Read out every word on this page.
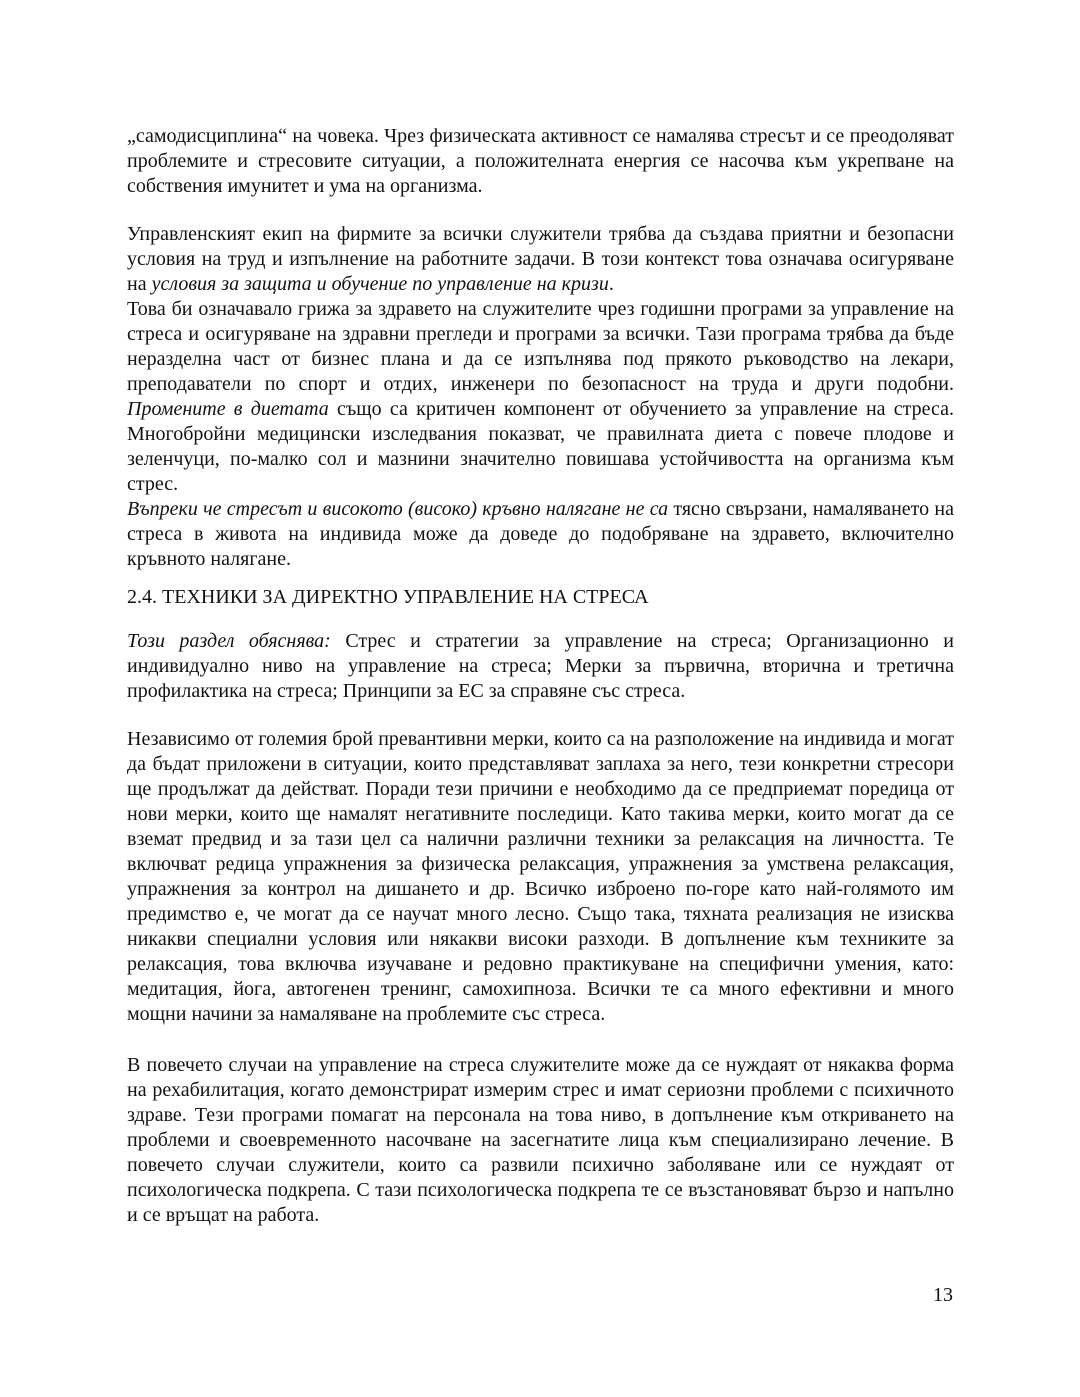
„самодисциплина“ на човека. Чрез физическата активност се намалява стресът и се преодоляват проблемите и стресовите ситуации, а положителната енергия се насочва към укрепване на собствения имунитет и ума на организма.

Управленският екип на фирмите за всички служители трябва да създава приятни и безопасни условия на труд и изпълнение на работните задачи. В този контекст това означава осигуряване на условия за защита и обучение по управление на кризи.

Това би означавало грижа за здравето на служителите чрез годишни програми за управление на стреса и осигуряване на здравни прегледи и програми за всички. Тази програма трябва да бъде неразделна част от бизнес плана и да се изпълнява под прякото ръководство на лекари, преподаватели по спорт и отдих, инженери по безопасност на труда и други подобни. Промените в диетата също са критичен компонент от обучението за управление на стреса. Многобройни медицински изследвания показват, че правилната диета с повече плодове и зеленчуци, по-малко сол и мазнини значително повишава устойчивостта на организма към стрес.

Въпреки че стресът и високото (високо) кръвно налягане не са тясно свързани, намаляването на стреса в живота на индивида може да доведе до подобряване на здравето, включително кръвното налягане.

2.4. ТЕХНИКИ ЗА ДИРЕКТНО УПРАВЛЕНИЕ НА СТРЕСА

Този раздел обяснява: Стрес и стратегии за управление на стреса; Организационно и индивидуално ниво на управление на стреса; Мерки за първична, вторична и третична профилактика на стреса; Принципи за ЕС за справяне със стреса.

Независимо от големия брой превантивни мерки, които са на разположение на индивида и могат да бъдат приложени в ситуации, които представляват заплаха за него, тези конкретни стресори ще продължат да действат. Поради тези причини е необходимо да се предприемат поредица от нови мерки, които ще намалят негативните последици. Като такива мерки, които могат да се вземат предвид и за тази цел са налични различни техники за релаксация на личността. Те включват редица упражнения за физическа релаксация, упражнения за умствена релаксация, упражнения за контрол на дишането и др. Всичко изброено по-горе като най-голямото им предимство е, че могат да се научат много лесно. Също така, тяхната реализация не изисква никакви специални условия или някакви високи разходи. В допълнение към техниките за релаксация, това включва изучаване и редовно практикуване на специфични умения, като: медитация, йога, автогенен тренинг, самохипноза. Всички те са много ефективни и много мощни начини за намаляване на проблемите със стреса.

В повечето случаи на управление на стреса служителите може да се нуждаят от някаква форма на рехабилитация, когато демонстрират измерим стрес и имат сериозни проблеми с психичното здраве. Тези програми помагат на персонала на това ниво, в допълнение към откриването на проблеми и своевременното насочване на засегнатите лица към специализирано лечение. В повечето случаи служители, които са развили психично заболяване или се нуждаят от психологическа подкрепа. С тази психологическа подкрепа те се възстановяват бързо и напълно и се връщат на работа.

13
